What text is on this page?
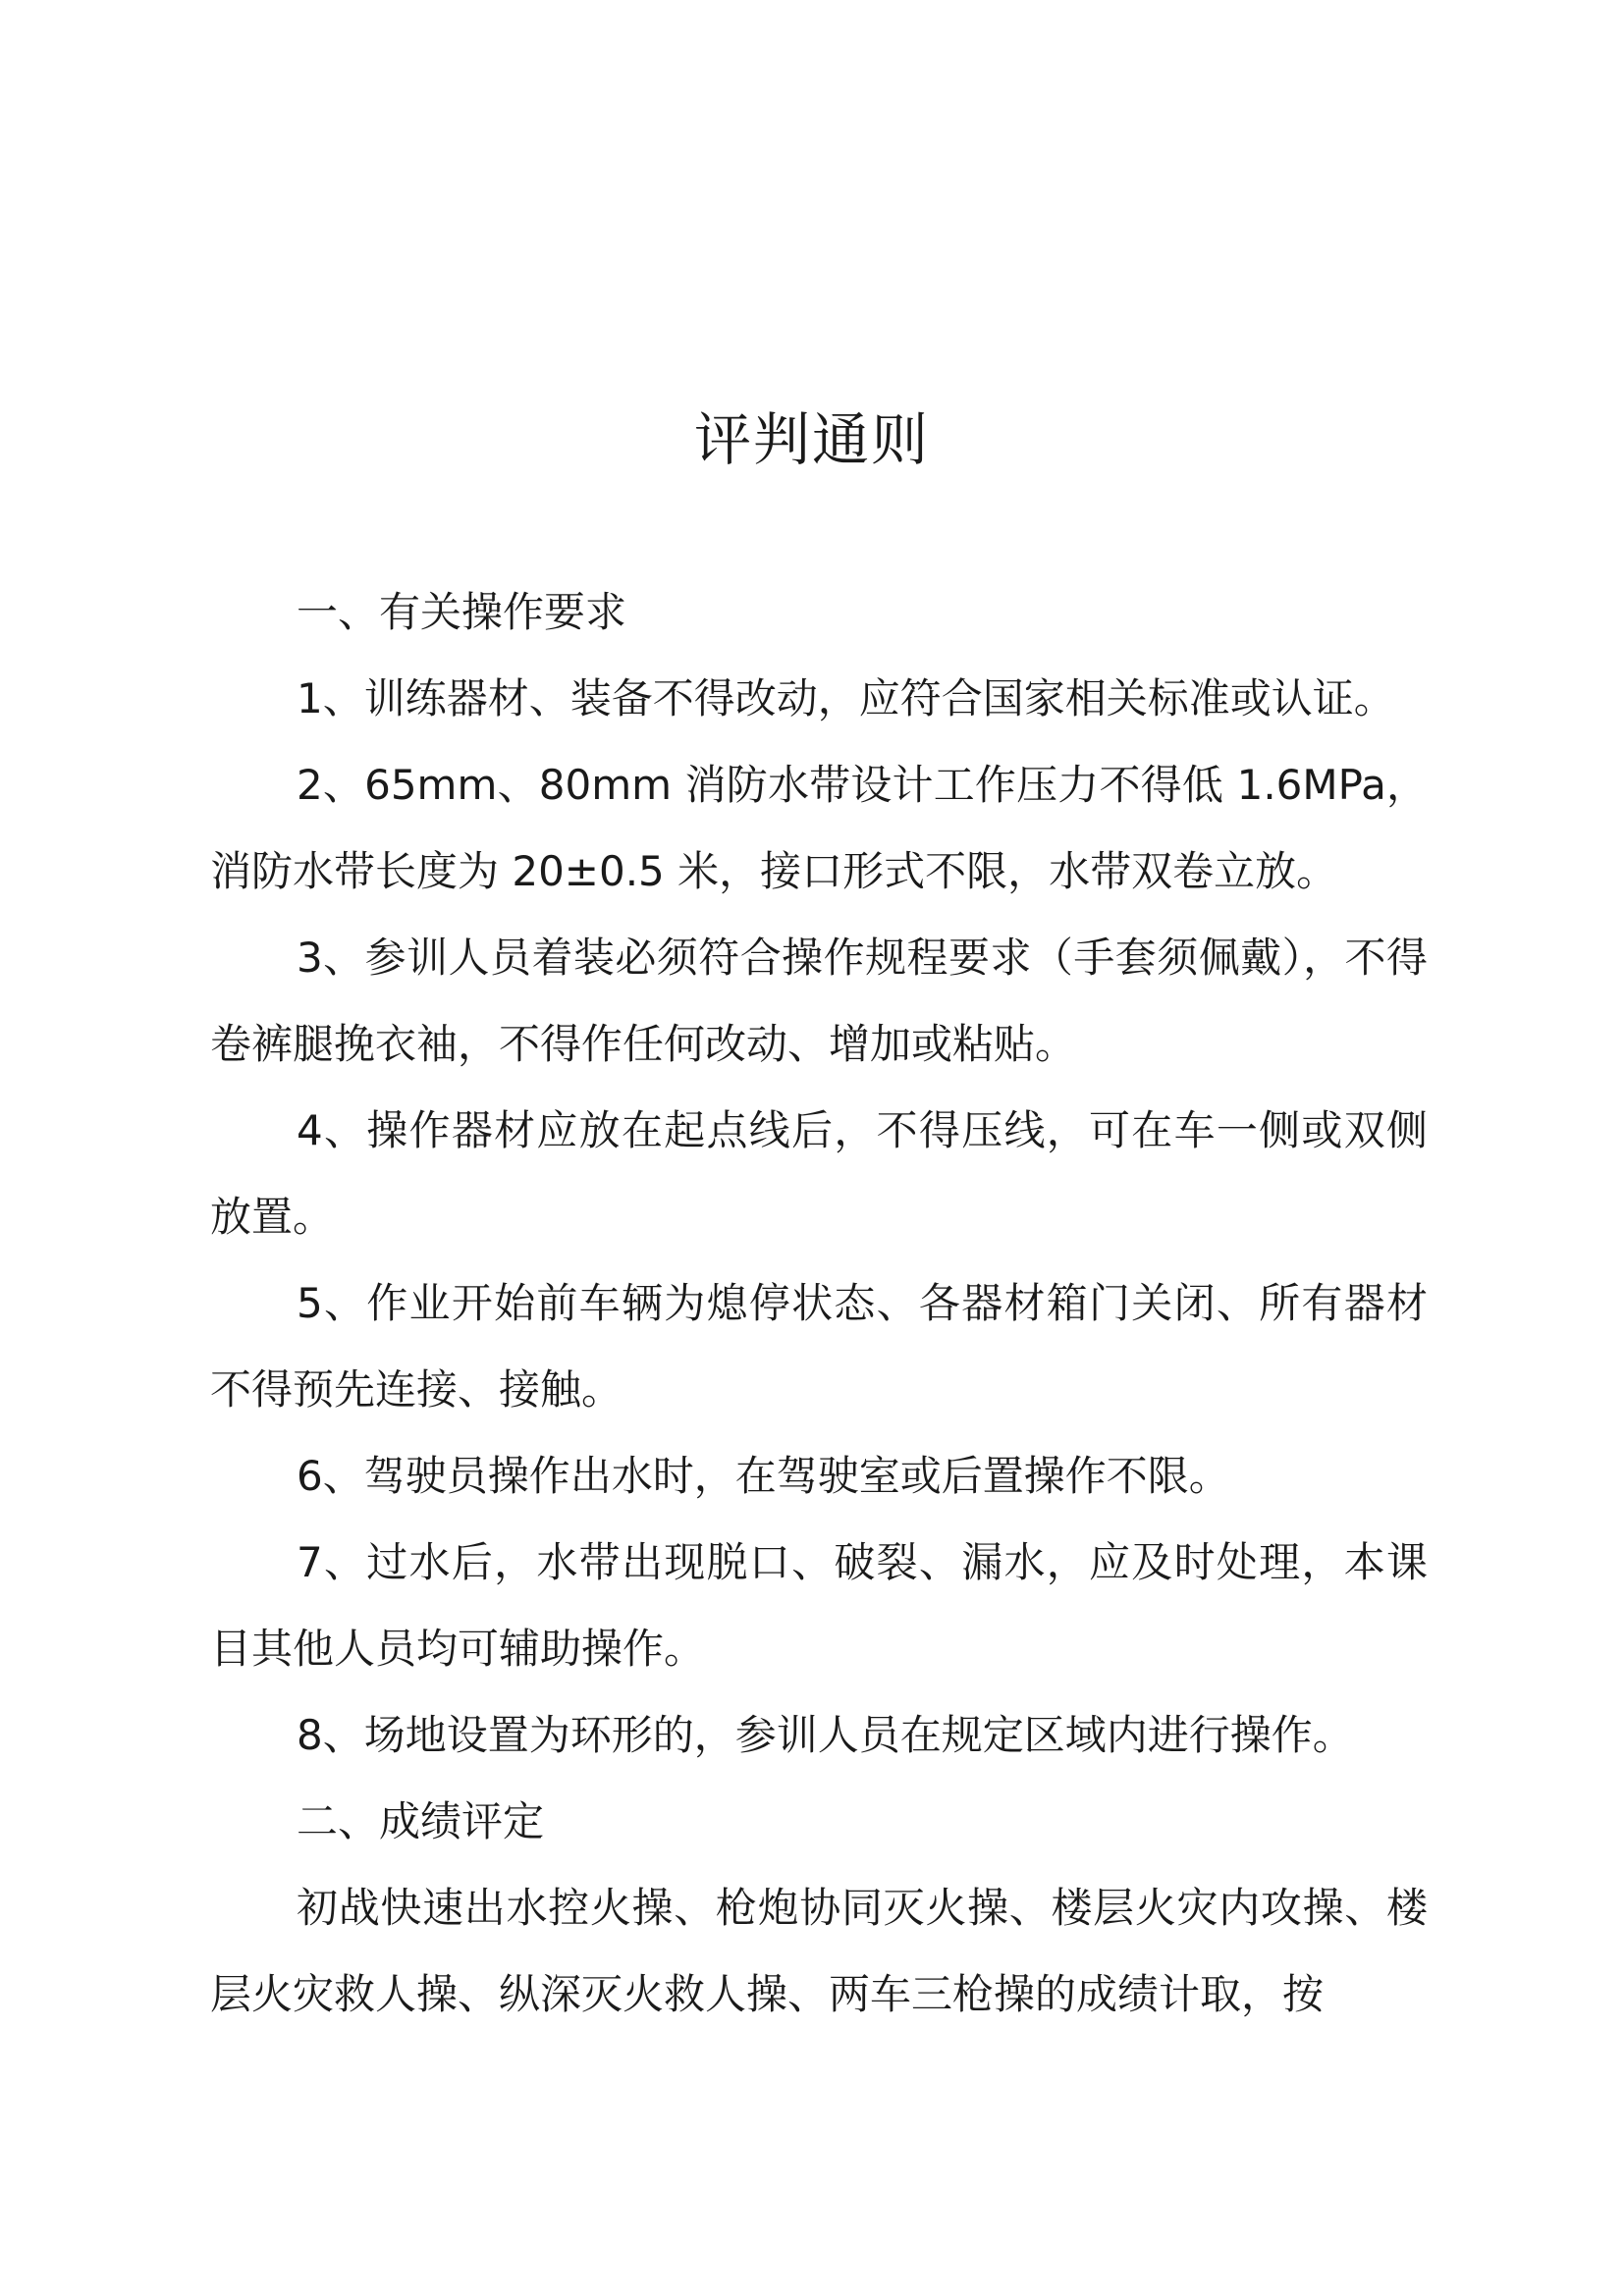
评判通则

一、有关操作要求

1、训练器材、装备不得改动，应符合国家相关标准或认证。

2、65mm、80mm 消防水带设计工作压力不得低 1.6MPa，消防水带长度为 20±0.5 米，接口形式不限，水带双卷立放。

3、参训人员着装必须符合操作规程要求（手套须佩戴），不得卷裤腿挽衣袖，不得作任何改动、增加或粘贴。

4、操作器材应放在起点线后，不得压线，可在车一侧或双侧放置。

5、作业开始前车辆为熄停状态、各器材箱门关闭、所有器材不得预先连接、接触。

6、驾驶员操作出水时，在驾驶室或后置操作不限。

7、过水后，水带出现脱口、破裂、漏水，应及时处理，本课目其他人员均可辅助操作。

8、场地设置为环形的，参训人员在规定区域内进行操作。

二、成绩评定

初战快速出水控火操、枪炮协同灭火操、楼层火灾内攻操、楼层火灾救人操、纵深灭火救人操、两车三枪操的成绩计取，按
